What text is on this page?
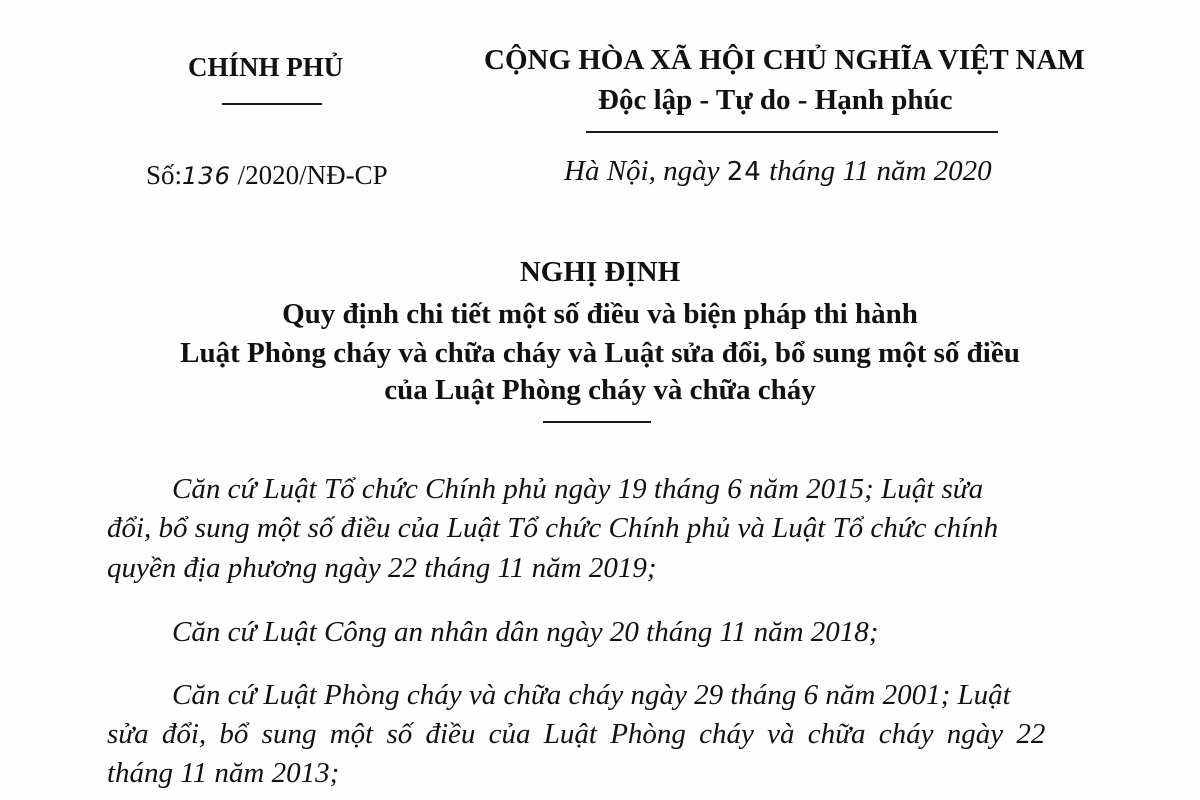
CHÍNH PHỦ	CỘNG HÒA XÃ HỘI CHỦ NGHĨA VIỆT NAM
Độc lập - Tự do - Hạnh phúc
Số:136 /2020/NĐ-CP	Hà Nội, ngày 24 tháng 11 năm 2020
NGHỊ ĐỊNH
Quy định chi tiết một số điều và biện pháp thi hành
Luật Phòng cháy và chữa cháy và Luật sửa đổi, bổ sung một số điều
của Luật Phòng cháy và chữa cháy
Căn cứ Luật Tổ chức Chính phủ ngày 19 tháng 6 năm 2015; Luật sửa
đổi, bổ sung một số điều của Luật Tổ chức Chính phủ và Luật Tổ chức chính
quyền địa phương ngày 22 tháng 11 năm 2019;
Căn cứ Luật Công an nhân dân ngày 20 tháng 11 năm 2018;
Căn cứ Luật Phòng cháy và chữa cháy ngày 29 tháng 6 năm 2001; Luật
sửa đổi, bổ sung một số điều của Luật Phòng cháy và chữa cháy ngày 22
tháng 11 năm 2013;
